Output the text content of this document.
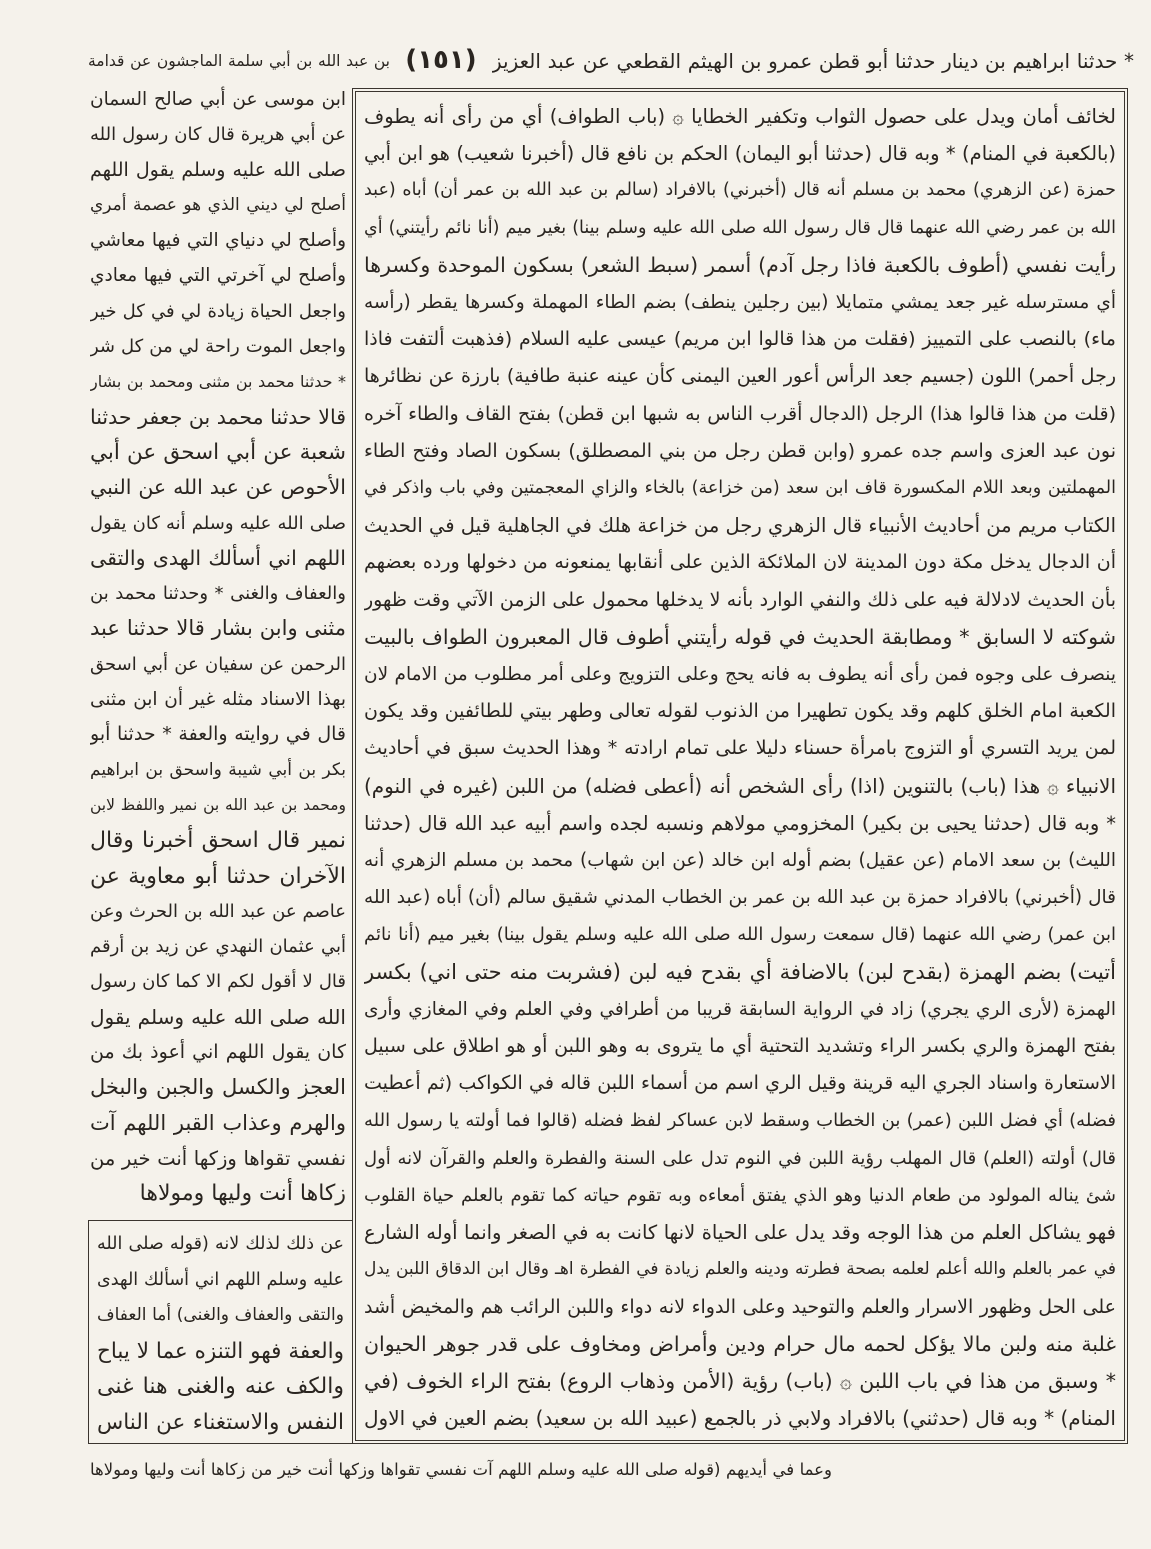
* حدثنا ابراهيم بن دينار حدثنا أبو قطن عمرو بن الهيثم القطعي عن عبد العزيز
(١٥١)
بن عبد الله بن أبي سلمة الماجشون عن قدامة
لخائف أمان ويدل على حصول الثواب وتكفير الخطايا ۞ (باب الطواف) أي من رأى أنه يطوف
(بالكعبة في المنام) * وبه قال (حدثنا أبو اليمان) الحكم بن نافع قال (أخبرنا شعيب) هو ابن أبي
حمزة (عن الزهري) محمد بن مسلم أنه قال (أخبرني) بالافراد (سالم بن عبد الله بن عمر أن) أباه (عبد
الله بن عمر رضي الله عنهما قال قال رسول الله صلى الله عليه وسلم بينا) بغير ميم (أنا نائم رأيتني) أي
رأيت نفسي (أطوف بالكعبة فاذا رجل آدم) أسمر (سبط الشعر) بسكون الموحدة وكسرها
أي مسترسله غير جعد يمشي متمايلا (بين رجلين ينطف) بضم الطاء المهملة وكسرها يقطر (رأسه
ماء) بالنصب على التمييز (فقلت من هذا قالوا ابن مريم) عيسى عليه السلام (فذهبت ألتفت فاذا
رجل أحمر) اللون (جسيم جعد الرأس أعور العين اليمنى كأن عينه عنبة طافية) بارزة عن نظائرها
(قلت من هذا قالوا هذا) الرجل (الدجال أقرب الناس به شبها ابن قطن) بفتح القاف والطاء آخره
نون عبد العزى واسم جده عمرو (وابن قطن رجل من بني المصطلق) بسكون الصاد وفتح الطاء
المهملتين وبعد اللام المكسورة قاف ابن سعد (من خزاعة) بالخاء والزاي المعجمتين وفي باب واذكر في
الكتاب مريم من أحاديث الأنبياء قال الزهري رجل من خزاعة هلك في الجاهلية قيل في الحديث
أن الدجال يدخل مكة دون المدينة لان الملائكة الذين على أنقابها يمنعونه من دخولها ورده بعضهم
بأن الحديث لادلالة فيه على ذلك والنفي الوارد بأنه لا يدخلها محمول على الزمن الآتي وقت ظهور
شوكته لا السابق * ومطابقة الحديث في قوله رأيتني أطوف قال المعبرون الطواف بالبيت
ينصرف على وجوه فمن رأى أنه يطوف به فانه يحج وعلى التزويج وعلى أمر مطلوب من الامام لان
الكعبة امام الخلق كلهم وقد يكون تطهيرا من الذنوب لقوله تعالى وطهر بيتي للطائفين وقد يكون
لمن يريد التسري أو التزوج بامرأة حسناء دليلا على تمام ارادته * وهذا الحديث سبق في أحاديث
الانبياء ۞ هذا (باب) بالتنوين (اذا) رأى الشخص أنه (أعطى فضله) من اللبن (غيره في النوم)
* وبه قال (حدثنا يحيى بن بكير) المخزومي مولاهم ونسبه لجده واسم أبيه عبد الله قال (حدثنا
الليث) بن سعد الامام (عن عقيل) بضم أوله ابن خالد (عن ابن شهاب) محمد بن مسلم الزهري أنه
قال (أخبرني) بالافراد حمزة بن عبد الله بن عمر بن الخطاب المدني شقيق سالم (أن) أباه (عبد الله
ابن عمر) رضي الله عنهما (قال سمعت رسول الله صلى الله عليه وسلم يقول بينا) بغير ميم (أنا نائم
أتيت) بضم الهمزة (بقدح لبن) بالاضافة أي بقدح فيه لبن (فشربت منه حتى اني) بكسر
الهمزة (لأرى الري يجري) زاد في الرواية السابقة قريبا من أطرافي وفي العلم وفي المغازي وأرى
بفتح الهمزة والري بكسر الراء وتشديد التحتية أي ما يتروى به وهو اللبن أو هو اطلاق على سبيل
الاستعارة واسناد الجري اليه قرينة وقيل الري اسم من أسماء اللبن قاله في الكواكب (ثم أعطيت
فضله) أي فضل اللبن (عمر) بن الخطاب وسقط لابن عساكر لفظ فضله (قالوا فما أولته يا رسول الله
قال) أولته (العلم) قال المهلب رؤية اللبن في النوم تدل على السنة والفطرة والعلم والقرآن لانه أول
شئ يناله المولود من طعام الدنيا وهو الذي يفتق أمعاءه وبه تقوم حياته كما تقوم بالعلم حياة القلوب
فهو يشاكل العلم من هذا الوجه وقد يدل على الحياة لانها كانت به في الصغر وانما أوله الشارع
في عمر بالعلم والله أعلم لعلمه بصحة فطرته ودينه والعلم زيادة في الفطرة اهـ وقال ابن الدقاق اللبن يدل
على الحل وظهور الاسرار والعلم والتوحيد وعلى الدواء لانه دواء واللبن الرائب هم والمخيض أشد
غلبة منه ولبن مالا يؤكل لحمه مال حرام ودين وأمراض ومخاوف على قدر جوهر الحيوان
* وسبق من هذا في باب اللبن ۞ (باب) رؤية (الأمن وذهاب الروع) بفتح الراء الخوف (في
المنام) * وبه قال (حدثني) بالافراد ولابي ذر بالجمع (عبيد الله بن سعيد) بضم العين في الاول
ابن موسى عن أبي صالح السمان
عن أبي هريرة قال كان رسول الله
صلى الله عليه وسلم يقول اللهم
أصلح لي ديني الذي هو عصمة أمري
وأصلح لي دنياي التي فيها معاشي
وأصلح لي آخرتي التي فيها معادي
واجعل الحياة زيادة لي في كل خير
واجعل الموت راحة لي من كل شر
* حدثنا محمد بن مثنى ومحمد بن بشار
قالا حدثنا محمد بن جعفر حدثنا
شعبة عن أبي اسحق عن أبي
الأحوص عن عبد الله عن النبي
صلى الله عليه وسلم أنه كان يقول
اللهم اني أسألك الهدى والتقى
والعفاف والغنى * وحدثنا محمد بن
مثنى وابن بشار قالا حدثنا عبد
الرحمن عن سفيان عن أبي اسحق
بهذا الاسناد مثله غير أن ابن مثنى
قال في روايته والعفة * حدثنا أبو
بكر بن أبي شيبة واسحق بن ابراهيم
ومحمد بن عبد الله بن نمير واللفظ لابن
نمير قال اسحق أخبرنا وقال
الآخران حدثنا أبو معاوية عن
عاصم عن عبد الله بن الحرث وعن
أبي عثمان النهدي عن زيد بن أرقم
قال لا أقول لكم الا كما كان رسول
الله صلى الله عليه وسلم يقول
كان يقول اللهم اني أعوذ بك من
العجز والكسل والجبن والبخل
والهرم وعذاب القبر اللهم آت
نفسي تقواها وزكها أنت خير من
زكاها أنت وليها ومولاها
عن ذلك لذلك لانه (قوله صلى الله
عليه وسلم اللهم اني أسألك الهدى
والتقى والعفاف والغنى) أما العفاف
والعفة فهو التنزه عما لا يباح
والكف عنه والغنى هنا غنى
النفس والاستغناء عن الناس
وعما في أيديهم (قوله صلى الله عليه وسلم اللهم آت نفسي تقواها وزكها أنت خير من زكاها أنت وليها ومولاها
